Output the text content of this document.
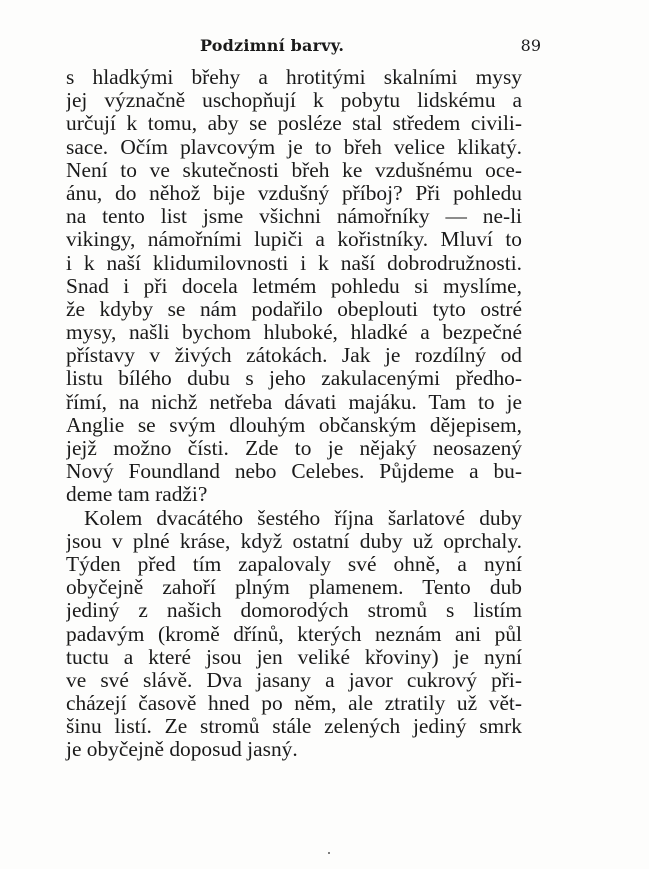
Podzimní barvy.	89
s hladkými břehy a hrotitými skalními mysy
jej význačně uschopňují k pobytu lidskému a
určují k tomu, aby se posléze stal středem civili-
sace. Očím plavcovým je to břeh velice klikatý.
Není to ve skutečnosti břeh ke vzdušnému oce-
ánu, do něhož bije vzdušný příboj? Při pohledu
na tento list jsme všichni námořníky — ne-li
vikingy, námořními lupiči a kořistníky. Mluví to
i k naší klidumilovnosti i k naší dobrodružnosti.
Snad i při docela letmém pohledu si myslíme,
že kdyby se nám podařilo obeplouti tyto ostré
mysy, našli bychom hluboké, hladké a bezpečné
přístavy v živých zátokách. Jak je rozdílný od
listu bílého dubu s jeho zakulacenými předho-
římí, na nichž netřeba dávati majáku. Tam to je
Anglie se svým dlouhým občanským dějepisem,
jejž možno čísti. Zde to je nějaký neosazený
Nový Foundland nebo Celebes. Půjdeme a bu-
deme tam radži?
Kolem dvacátého šestého října šarlatové duby
jsou v plné kráse, když ostatní duby už oprchaly.
Týden před tím zapalovaly své ohně, a nyní
obyčejně zahoří plným plamenem. Tento dub
jediný z našich domorodých stromů s listím
padavým (kromě dřínů, kterých neznám ani půl
tuctu a které jsou jen veliké křoviny) je nyní
ve své slávě. Dva jasany a javor cukrový při-
cházejí časově hned po něm, ale ztratily už vět-
šinu listí. Ze stromů stále zelených jediný smrk
je obyčejně doposud jasný.
